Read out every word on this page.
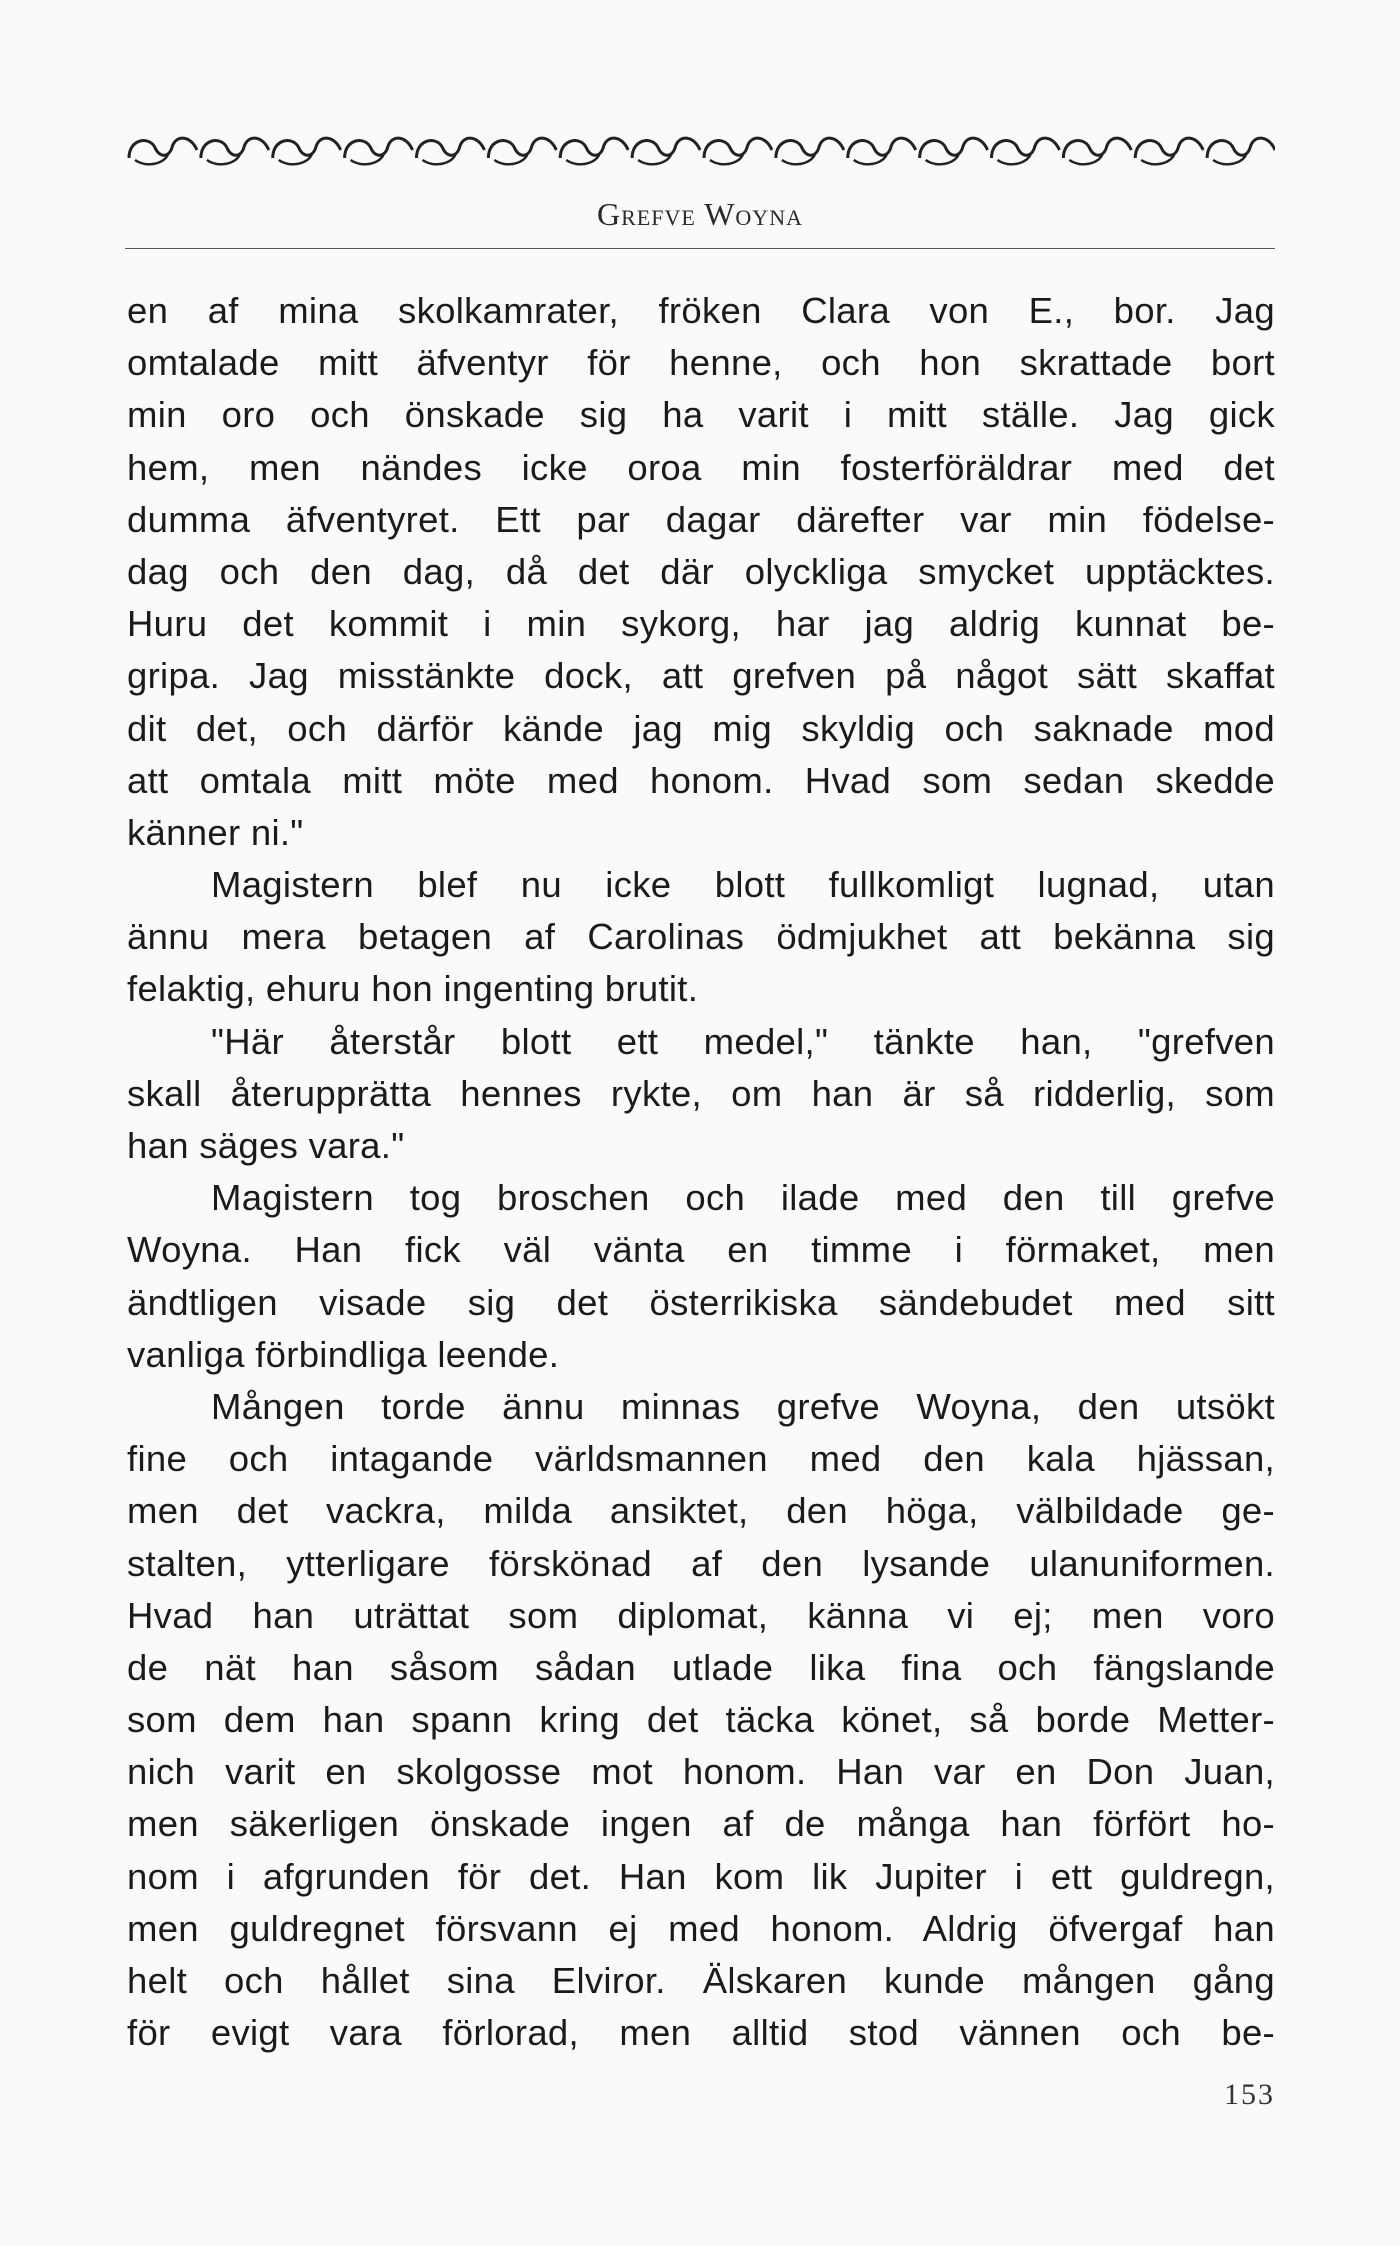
Grefve Woyna
en af mina skolkamrater, fröken Clara von E., bor. Jag
omtalade mitt äfventyr för henne, och hon skrattade bort
min oro och önskade sig ha varit i mitt ställe. Jag gick
hem, men nändes icke oroa min fosterföräldrar med det
dumma äfventyret. Ett par dagar därefter var min födelse-
dag och den dag, då det där olyckliga smycket upptäcktes.
Huru det kommit i min sykorg, har jag aldrig kunnat be-
gripa. Jag misstänkte dock, att grefven på något sätt skaffat
dit det, och därför kände jag mig skyldig och saknade mod
att omtala mitt möte med honom. Hvad som sedan skedde
känner ni."
Magistern blef nu icke blott fullkomligt lugnad, utan
ännu mera betagen af Carolinas ödmjukhet att bekänna sig
felaktig, ehuru hon ingenting brutit.
"Här återstår blott ett medel," tänkte han, "grefven
skall återupprätta hennes rykte, om han är så ridderlig, som
han säges vara."
Magistern tog broschen och ilade med den till grefve
Woyna. Han fick väl vänta en timme i förmaket, men
ändtligen visade sig det österrikiska sändebudet med sitt
vanliga förbindliga leende.
Mången torde ännu minnas grefve Woyna, den utsökt
fine och intagande världsmannen med den kala hjässan,
men det vackra, milda ansiktet, den höga, välbildade ge-
stalten, ytterligare förskönad af den lysande ulanuniformen.
Hvad han uträttat som diplomat, känna vi ej; men voro
de nät han såsom sådan utlade lika fina och fängslande
som dem han spann kring det täcka könet, så borde Metter-
nich varit en skolgosse mot honom. Han var en Don Juan,
men säkerligen önskade ingen af de många han förfört ho-
nom i afgrunden för det. Han kom lik Jupiter i ett guldregn,
men guldregnet försvann ej med honom. Aldrig öfvergaf han
helt och hållet sina Elviror. Älskaren kunde mången gång
för evigt vara förlorad, men alltid stod vännen och be-
153
